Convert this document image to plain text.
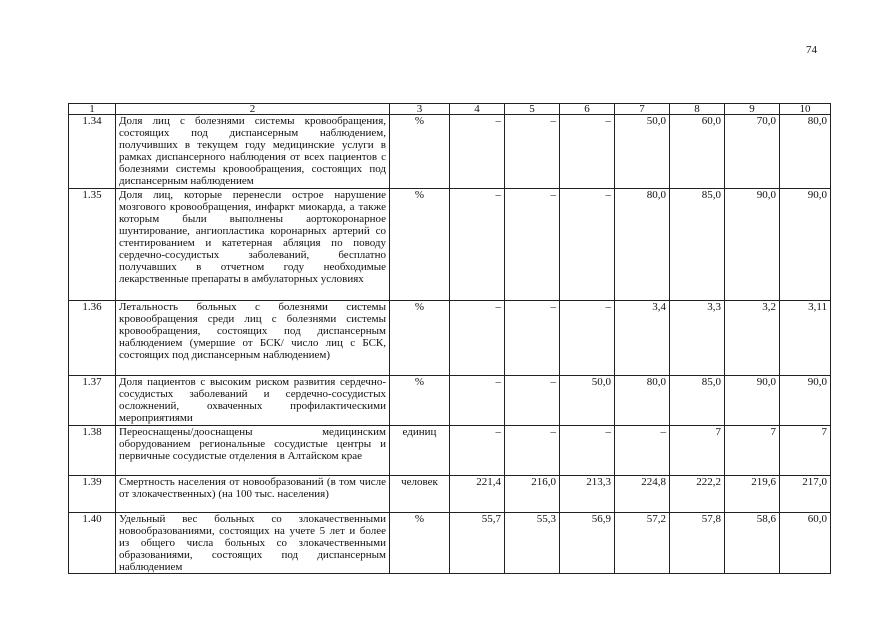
74
1	2	3	4	5	6	7	8	9	10
1.34	Доля лиц с болезнями системы кровообращения, состоящих под диспансерным наблюдением, получивших в текущем году медицинские услуги в рамках диспансерного наблюдения от всех пациентов с болезнями системы кровообращения, состоящих под диспансерным наблюдением	%	–	–	–	50,0	60,0	70,0	80,0
1.35	Доля лиц, которые перенесли острое нарушение мозгового кровообращения, инфаркт миокарда, а также которым были выполнены аортокоронарное шунтирование, ангиопластика коронарных артерий со стентированием и катетерная абляция по поводу сердечно-сосудистых заболеваний, бесплатно получавших в отчетном году необходимые лекарственные препараты в амбулаторных условиях	%	–	–	–	80,0	85,0	90,0	90,0
1.36	Летальность больных с болезнями системы кровообращения среди лиц с болезнями системы кровообращения, состоящих под диспансерным наблюдением (умершие от БСК/ число лиц с БСК, состоящих под диспансерным наблюдением)	%	–	–	–	3,4	3,3	3,2	3,11
1.37	Доля пациентов с высоким риском развития сердечно-сосудистых заболеваний и сердечно-сосудистых осложнений, охваченных профилактическими мероприятиями	%	–	–	50,0	80,0	85,0	90,0	90,0
1.38	Переоснащены/дооснащены медицинским оборудованием региональные сосудистые центры и первичные сосудистые отделения в Алтайском крае	единиц	–	–	–	–	7	7	7
1.39	Смертность населения от новообразований (в том числе от злокачественных) (на 100 тыс. населения)	человек	221,4	216,0	213,3	224,8	222,2	219,6	217,0
1.40	Удельный вес больных со злокачественными новообразованиями, состоящих на учете 5 лет и более из общего числа больных со злокачественными образованиями, состоящих под диспансерным наблюдением	%	55,7	55,3	56,9	57,2	57,8	58,6	60,0
